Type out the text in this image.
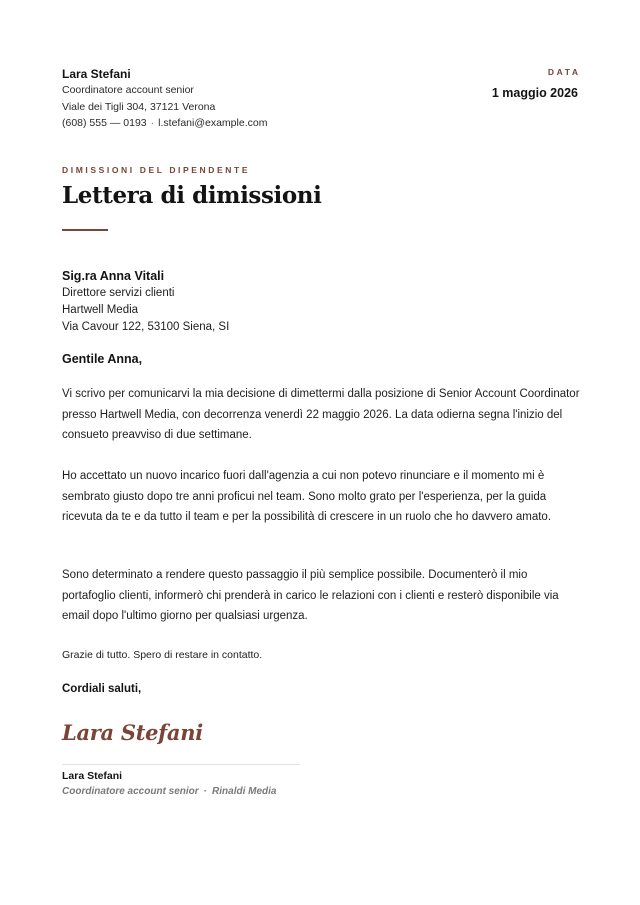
Lara Stefani
Coordinatore account senior
Viale dei Tigli 304, 37121 Verona
(608) 555 — 0193 · l.stefani@example.com
DATA
1 maggio 2026
DIMISSIONI DEL DIPENDENTE
Lettera di dimissioni
Sig.ra Anna Vitali
Direttore servizi clienti
Hartwell Media
Via Cavour 122, 53100 Siena, SI
Gentile Anna,

Vi scrivo per comunicarvi la mia decisione di dimettermi dalla posizione di Senior Account Coordinator presso Hartwell Media, con decorrenza venerdì 22 maggio 2026. La data odierna segna l'inizio del consueto preavviso di due settimane.

Ho accettato un nuovo incarico fuori dall'agenzia a cui non potevo rinunciare e il momento mi è sembrato giusto dopo tre anni proficui nel team. Sono molto grato per l'esperienza, per la guida ricevuta da te e da tutto il team e per la possibilità di crescere in un ruolo che ho davvero amato.

Sono determinato a rendere questo passaggio il più semplice possibile. Documenterò il mio portafoglio clienti, informerò chi prenderà in carico le relazioni con i clienti e resterò disponibile via email dopo l'ultimo giorno per qualsiasi urgenza.

Grazie di tutto. Spero di restare in contatto.
Cordiali saluti,
Lara Stefani
Lara Stefani
Coordinatore account senior · Rinaldi Media
